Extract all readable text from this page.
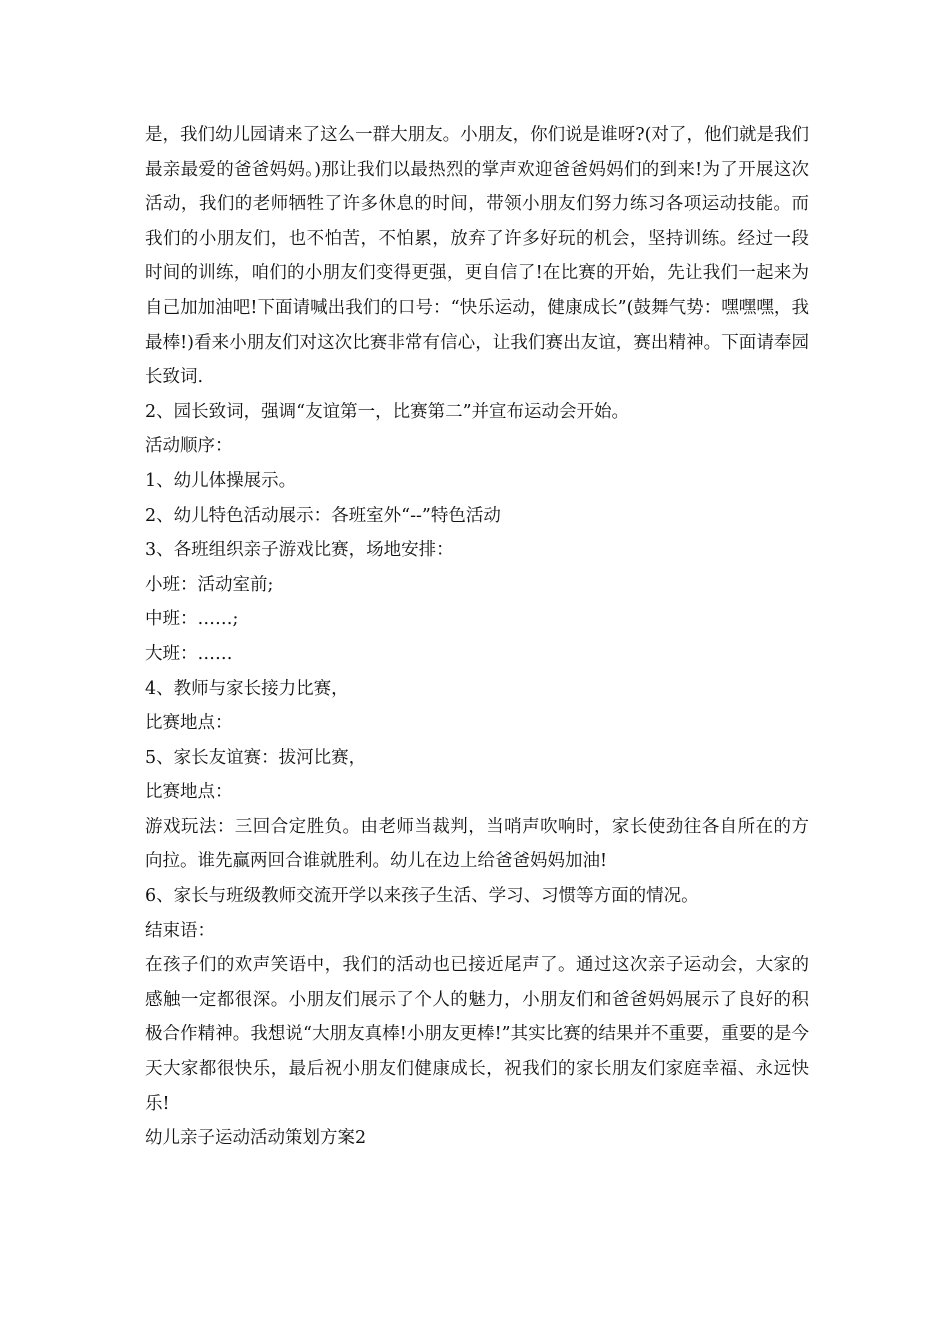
是，我们幼儿园请来了这么一群大朋友。小朋友，你们说是谁呀?(对了，他们就是我们最亲最爱的爸爸妈妈。)那让我们以最热烈的掌声欢迎爸爸妈妈们的到来!为了开展这次活动，我们的老师牺牲了许多休息的时间，带领小朋友们努力练习各项运动技能。而我们的小朋友们，也不怕苦，不怕累，放弃了许多好玩的机会，坚持训练。经过一段时间的训练，咱们的小朋友们变得更强，更自信了!在比赛的开始，先让我们一起来为自己加加油吧!下面请喊出我们的口号：“快乐运动，健康成长”(鼓舞气势：嘿嘿嘿，我最棒!)看来小朋友们对这次比赛非常有信心，让我们赛出友谊，赛出精神。下面请奉园长致词.

2、园长致词，强调“友谊第一，比赛第二”并宣布运动会开始。

活动顺序：

1、幼儿体操展示。

2、幼儿特色活动展示：各班室外“--”特色活动

3、各班组织亲子游戏比赛，场地安排：

小班：活动室前;

中班：……;

大班：……

4、教师与家长接力比赛，

比赛地点：

5、家长友谊赛：拔河比赛，

比赛地点：

游戏玩法：三回合定胜负。由老师当裁判，当哨声吹响时，家长使劲往各自所在的方向拉。谁先赢两回合谁就胜利。幼儿在边上给爸爸妈妈加油!

6、家长与班级教师交流开学以来孩子生活、学习、习惯等方面的情况。

结束语：

在孩子们的欢声笑语中，我们的活动也已接近尾声了。通过这次亲子运动会，大家的感触一定都很深。小朋友们展示了个人的魅力，小朋友们和爸爸妈妈展示了良好的积极合作精神。我想说“大朋友真棒!小朋友更棒!”其实比赛的结果并不重要，重要的是今天大家都很快乐，最后祝小朋友们健康成长，祝我们的家长朋友们家庭幸福、永远快乐!

幼儿亲子运动活动策划方案2
